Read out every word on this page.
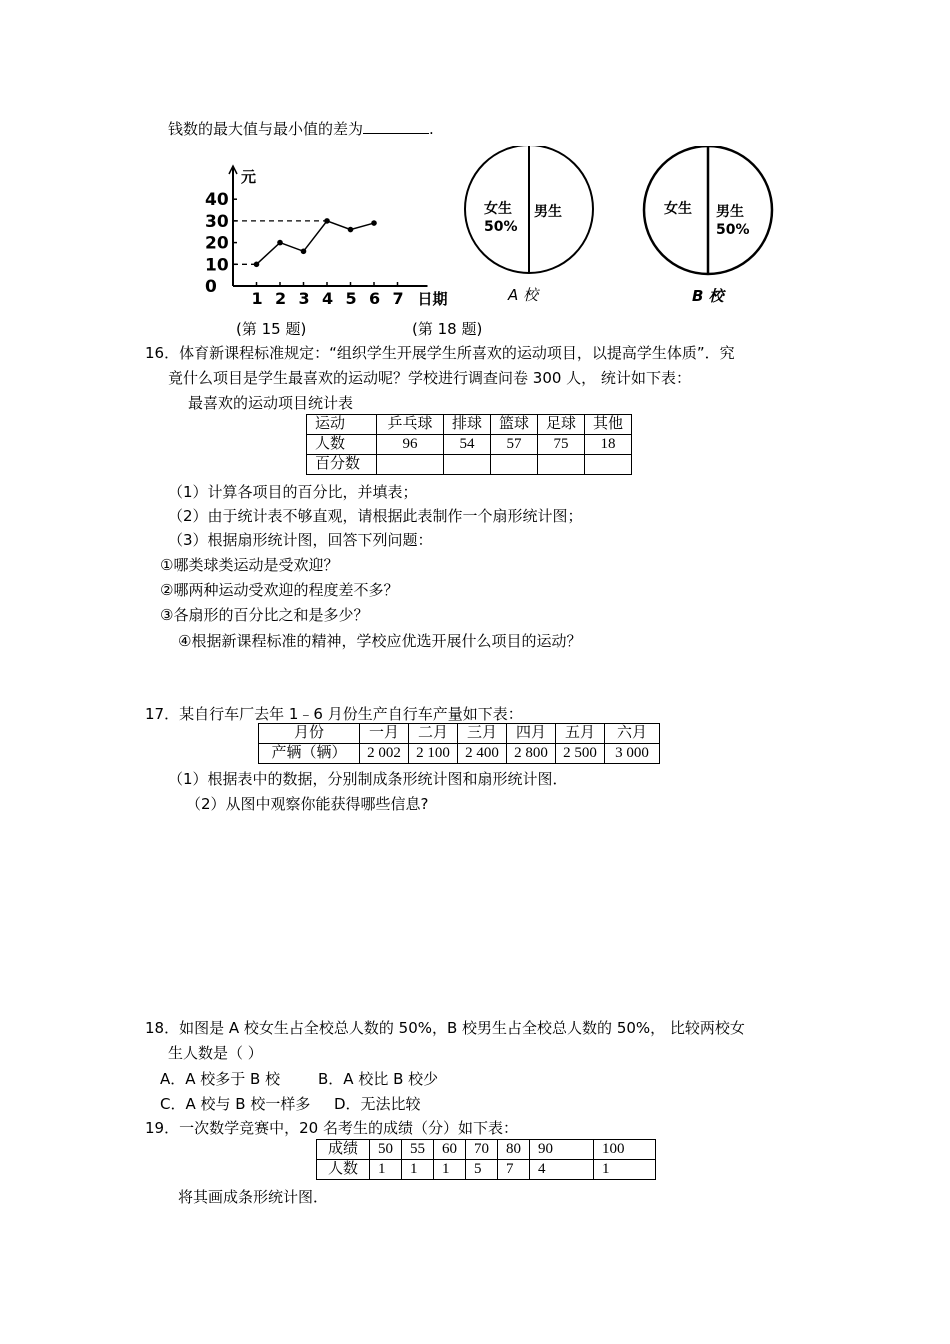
钱数的最大值与最小值的差为	.
元
日期
0
10
20
30
40
1 2 3 4 5 6 7
(第 15 题)
女生
50%
男生
A 校
女生 男生
50%
B 校
(第 18 题)
16．体育新课程标准规定：“组织学生开展学生所喜欢的运动项目，以提高学生体质”．究
竟什么项目是学生最喜欢的运动呢？学校进行调查问卷 300 人， 统计如下表：
最喜欢的运动项目统计表
运动	乒乓球	排球	篮球	足球	其他
人数	96	54	57	75	18
百分数					
（1）计算各项目的百分比，并填表；
（2）由于统计表不够直观，请根据此表制作一个扇形统计图；
（3）根据扇形统计图，回答下列问题：
①哪类球类运动是受欢迎？
②哪两种运动受欢迎的程度差不多？
③各扇形的百分比之和是多少？
④根据新课程标准的精神，学校应优选开展什么项目的运动？
17．某自行车厂去年 1﹣6 月份生产自行车产量如下表：
月份	一月	二月	三月	四月	五月	六月
产辆（辆）	2 002	2 100	2 400	2 800	2 500	3 000
（1）根据表中的数据，分别制成条形统计图和扇形统计图．
（2）从图中观察你能获得哪些信息?
18．如图是 A 校女生占全校总人数的 50%，B 校男生占全校总人数的 50%， 比较两校女
生人数是（ ）
A．A 校多于 B 校	B．A 校比 B 校少
C．A 校与 B 校一样多 D．无法比较
19．一次数学竞赛中，20 名考生的成绩（分）如下表：
成绩	50	55	60	70	80	90	100
人数	1	1	1	5	7	4	1
将其画成条形统计图．
